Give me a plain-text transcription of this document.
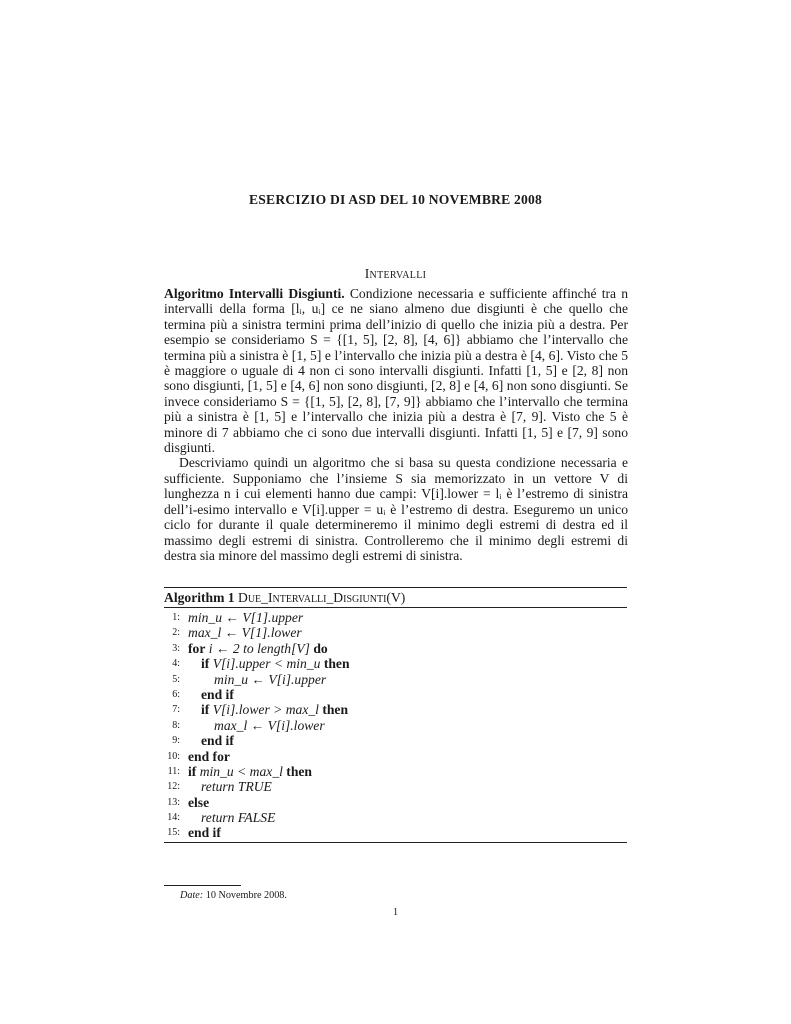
ESERCIZIO DI ASD DEL 10 NOVEMBRE 2008
Intervalli

Algoritmo Intervalli Disgiunti. Condizione necessaria e sufficiente affinché tra n intervalli della forma [lᵢ, uᵢ] ce ne siano almeno due disgiunti è che quello che termina più a sinistra termini prima dell’inizio di quello che inizia più a destra. Per esempio se consideriamo S = {[1, 5], [2, 8], [4, 6]} abbiamo che l’intervallo che termina più a sinistra è [1, 5] e l’intervallo che inizia più a destra è [4, 6]. Visto che 5 è maggiore o uguale di 4 non ci sono intervalli disgiunti. Infatti [1, 5] e [2, 8] non sono disgiunti, [1, 5] e [4, 6] non sono disgiunti, [2, 8] e [4, 6] non sono disgiunti. Se invece consideriamo S = {[1, 5], [2, 8], [7, 9]} abbiamo che l’intervallo che termina più a sinistra è [1, 5] e l’intervallo che inizia più a destra è [7, 9]. Visto che 5 è minore di 7 abbiamo che ci sono due intervalli disgiunti. Infatti [1, 5] e [7, 9] sono disgiunti.

Descriviamo quindi un algoritmo che si basa su questa condizione necessaria e sufficiente. Supponiamo che l’insieme S sia memorizzato in un vettore V di lunghezza n i cui elementi hanno due campi: V[i].lower = lᵢ è l’estremo di sinistra dell’i-esimo intervallo e V[i].upper = uᵢ è l’estremo di destra. Eseguremo un unico ciclo for durante il quale determineremo il minimo degli estremi di destra ed il massimo degli estremi di sinistra. Controlleremo che il minimo degli estremi di destra sia minore del massimo degli estremi di sinistra.

Algorithm 1 Due_Intervalli_Disgiunti(V)
1: min_u ← V[1].upper
2: max_l ← V[1].lower
3: for i ← 2 to length[V] do
4:	if V[i].upper < min_u then
5:	min_u ← V[i].upper
6:	end if
7:	if V[i].lower > max_l then
8:	max_l ← V[i].lower
9:	end if
10: end for
11: if min_u < max_l then
12:	return TRUE
13: else
14:	return FALSE
15: end if
Date: 10 Novembre 2008.
1
